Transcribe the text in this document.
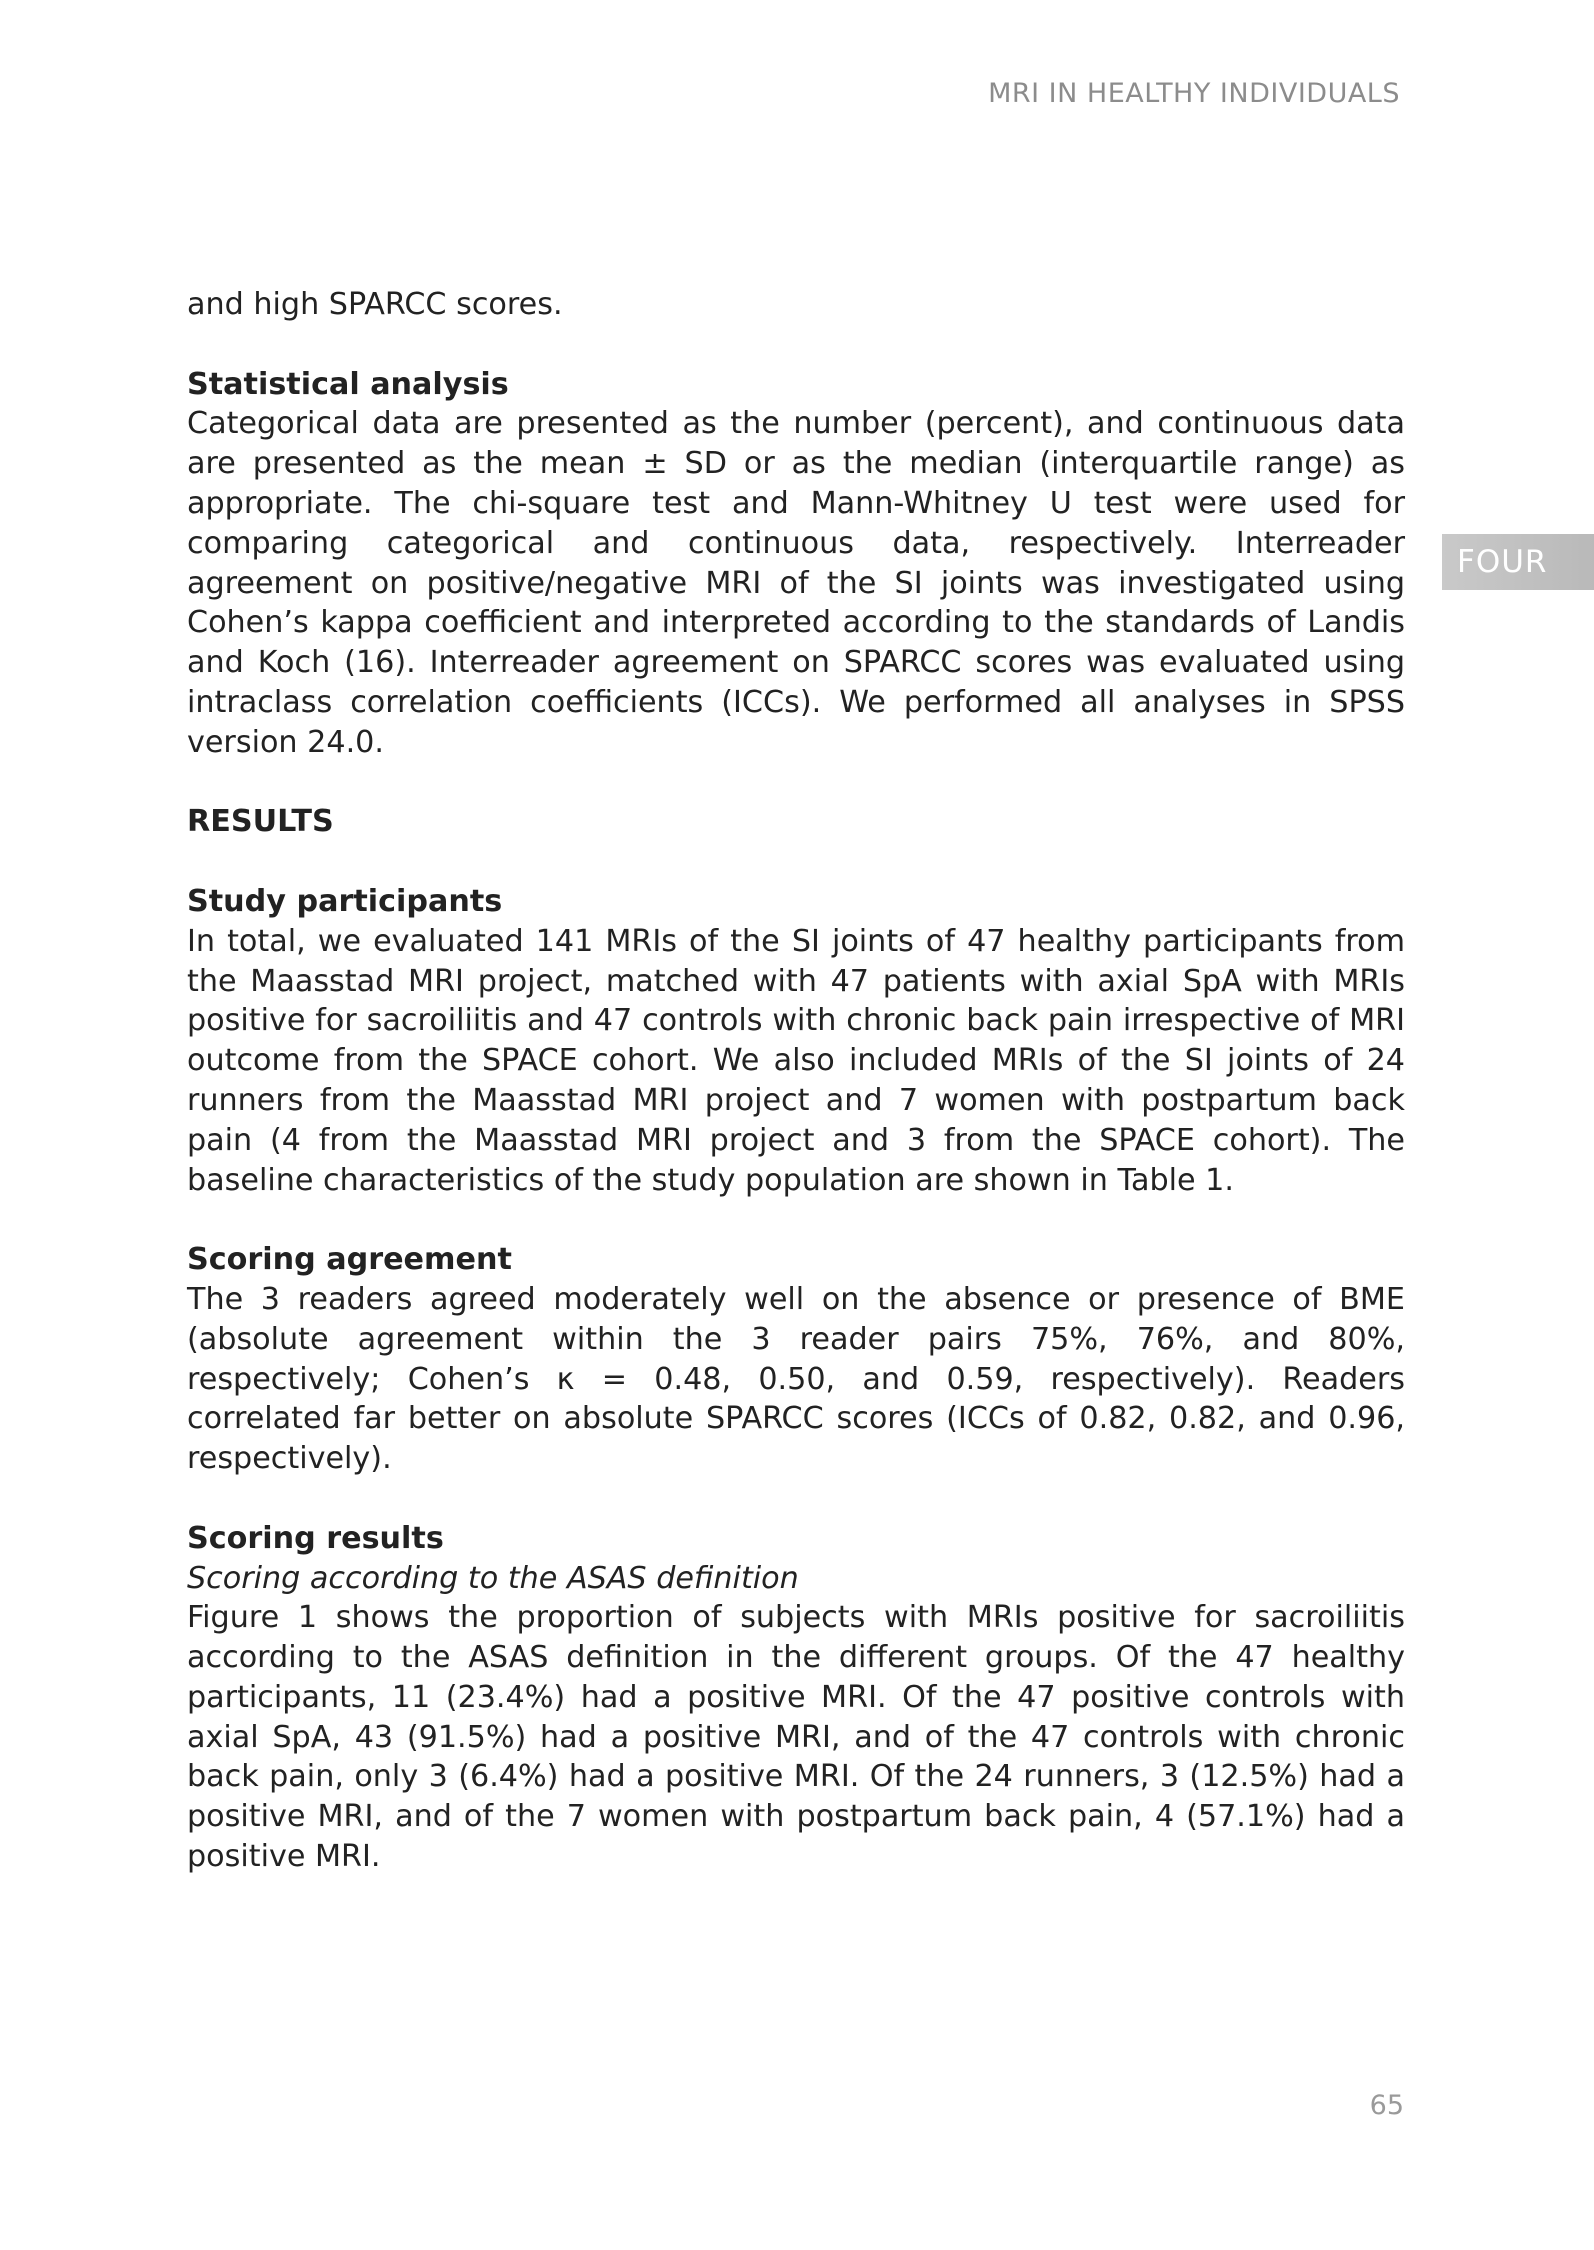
MRI IN HEALTHY INDIVIDUALS
FOUR

and high SPARCC scores.

Statistical analysis

Categorical data are presented as the number (percent), and continuous data are presented as the mean ± SD or as the median (interquartile range) as appropriate. The chi-square test and Mann-Whitney U test were used for comparing categorical and continuous data, respectively. Interreader agreement on positive/negative MRI of the SI joints was investigated using Cohen’s kappa coefficient and interpreted according to the standards of Landis and Koch (16). Interreader agreement on SPARCC scores was evaluated using intraclass correlation coefficients (ICCs). We performed all analyses in SPSS version 24.0.

RESULTS

Study participants

In total, we evaluated 141 MRIs of the SI joints of 47 healthy participants from the Maasstad MRI project, matched with 47 patients with axial SpA with MRIs positive for sacroiliitis and 47 controls with chronic back pain irrespective of MRI outcome from the SPACE cohort. We also included MRIs of the SI joints of 24 runners from the Maasstad MRI project and 7 women with postpartum back pain (4 from the Maasstad MRI project and 3 from the SPACE cohort). The baseline characteristics of the study population are shown in Table 1.

Scoring agreement

The 3 readers agreed moderately well on the absence or presence of BME (absolute agreement within the 3 reader pairs 75%, 76%, and 80%, respectively; Cohen’s κ = 0.48, 0.50, and 0.59, respectively). Readers correlated far better on absolute SPARCC scores (ICCs of 0.82, 0.82, and 0.96, respectively).

Scoring results

Scoring according to the ASAS definition

Figure 1 shows the proportion of subjects with MRIs positive for sacroiliitis according to the ASAS definition in the different groups. Of the 47 healthy participants, 11 (23.4%) had a positive MRI. Of the 47 positive controls with axial SpA, 43 (91.5%) had a positive MRI, and of the 47 controls with chronic back pain, only 3 (6.4%) had a positive MRI. Of the 24 runners, 3 (12.5%) had a positive MRI, and of the 7 women with postpartum back pain, 4 (57.1%) had a positive MRI.

65
